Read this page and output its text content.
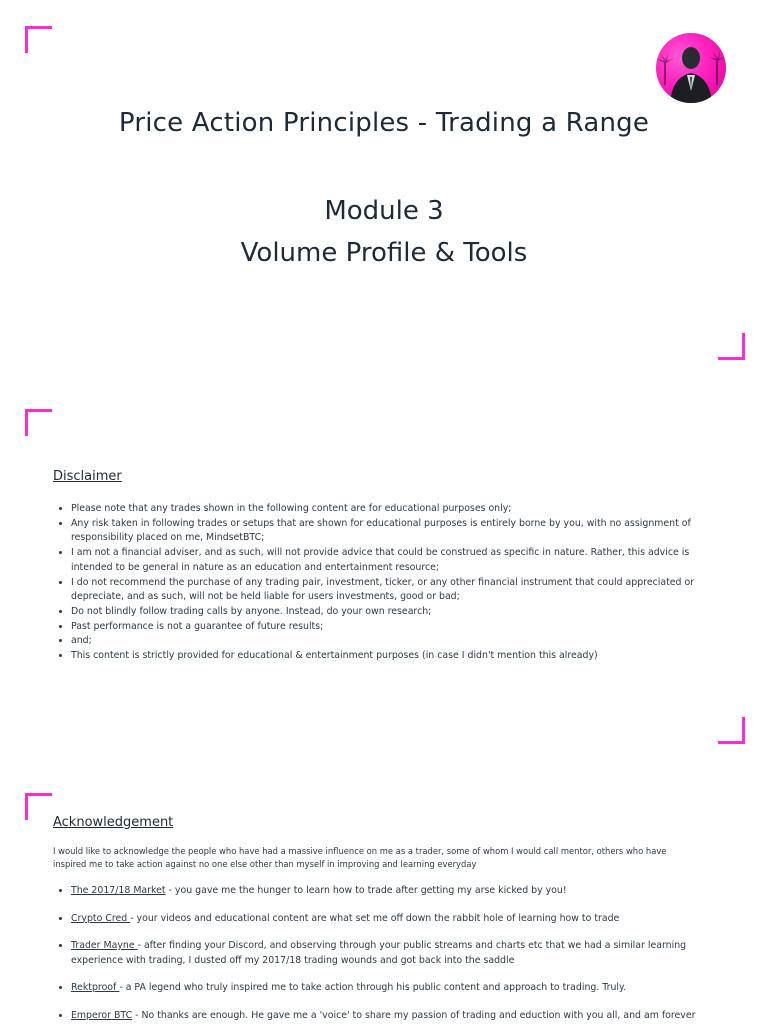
Price Action Principles - Trading a Range
Module 3
Volume Profile & Tools
Disclaimer
• Please note that any trades shown in the following content are for educational purposes only;
• Any risk taken in following trades or setups that are shown for educational purposes is entirely borne by you, with no assignment of responsibility placed on me, MindsetBTC;
• I am not a financial adviser, and as such, will not provide advice that could be construed as specific in nature. Rather, this advice is intended to be general in nature as an education and entertainment resource;
• I do not recommend the purchase of any trading pair, investment, ticker, or any other financial instrument that could appreciated or depreciate, and as such, will not be held liable for users investments, good or bad;
• Do not blindly follow trading calls by anyone. Instead, do your own research;
• Past performance is not a guarantee of future results;
• and;
• This content is strictly provided for educational & entertainment purposes (in case I didn't mention this already)
Acknowledgement

I would like to acknowledge the people who have had a massive influence on me as a trader, some of whom I would call mentor, others who have inspired me to take action against no one else other than myself in improving and learning everyday

• The 2017/18 Market - you gave me the hunger to learn how to trade after getting my arse kicked by you!
• Crypto Cred - your videos and educational content are what set me off down the rabbit hole of learning how to trade
• Trader Mayne - after finding your Discord, and observing through your public streams and charts etc that we had a similar learning experience with trading, I dusted off my 2017/18 trading wounds and got back into the saddle
• Rektproof - a PA legend who truly inspired me to take action through his public content and approach to trading. Truly.
• Emperor BTC - No thanks are enough. He gave me a 'voice' to share my passion of trading and eduction with you all, and am forever
